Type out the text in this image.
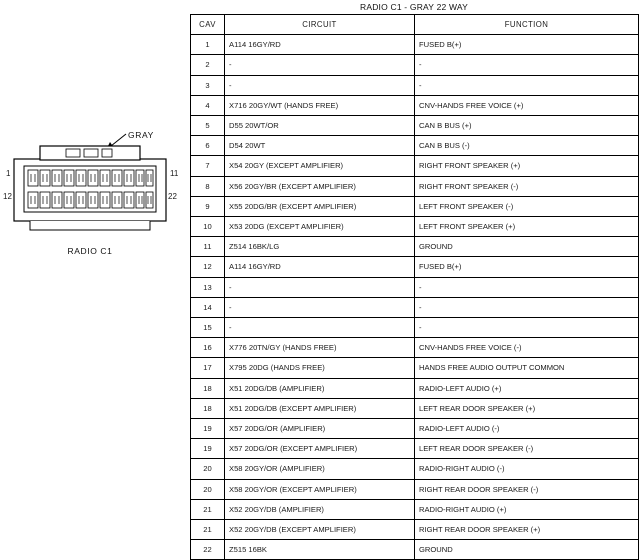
RADIO C1 - GRAY 22 WAY
1
12
11
22
GRAY
RADIO C1
CAV	CIRCUIT	FUNCTION
1	A114 16GY/RD	FUSED B(+)
2	-	-
3	-	-
4	X716 20GY/WT (HANDS FREE)	CNV-HANDS FREE VOICE (+)
5	D55 20WT/OR	CAN B BUS (+)
6	D54 20WT	CAN B BUS (-)
7	X54 20GY (EXCEPT AMPLIFIER)	RIGHT FRONT SPEAKER (+)
8	X56 20GY/BR (EXCEPT AMPLIFIER)	RIGHT FRONT SPEAKER (-)
9	X55 20DG/BR (EXCEPT AMPLIFIER)	LEFT FRONT SPEAKER (-)
10	X53 20DG (EXCEPT AMPLIFIER)	LEFT FRONT SPEAKER (+)
11	Z514 16BK/LG	GROUND
12	A114 16GY/RD	FUSED B(+)
13	-	-
14	-	-
15	-	-
16	X776 20TN/GY (HANDS FREE)	CNV-HANDS FREE VOICE (-)
17	X795 20DG (HANDS FREE)	HANDS FREE AUDIO OUTPUT COMMON
18	X51 20DG/DB (AMPLIFIER)	RADIO-LEFT AUDIO (+)
18	X51 20DG/DB (EXCEPT AMPLIFIER)	LEFT REAR DOOR SPEAKER (+)
19	X57 20DG/OR (AMPLIFIER)	RADIO-LEFT AUDIO (-)
19	X57 20DG/OR (EXCEPT AMPLIFIER)	LEFT REAR DOOR SPEAKER (-)
20	X58 20GY/OR (AMPLIFIER)	RADIO-RIGHT AUDIO (-)
20	X58 20GY/OR (EXCEPT AMPLIFIER)	RIGHT REAR DOOR SPEAKER (-)
21	X52 20GY/DB (AMPLIFIER)	RADIO-RIGHT AUDIO (+)
21	X52 20GY/DB (EXCEPT AMPLIFIER)	RIGHT REAR DOOR SPEAKER (+)
22	Z515 16BK	GROUND
